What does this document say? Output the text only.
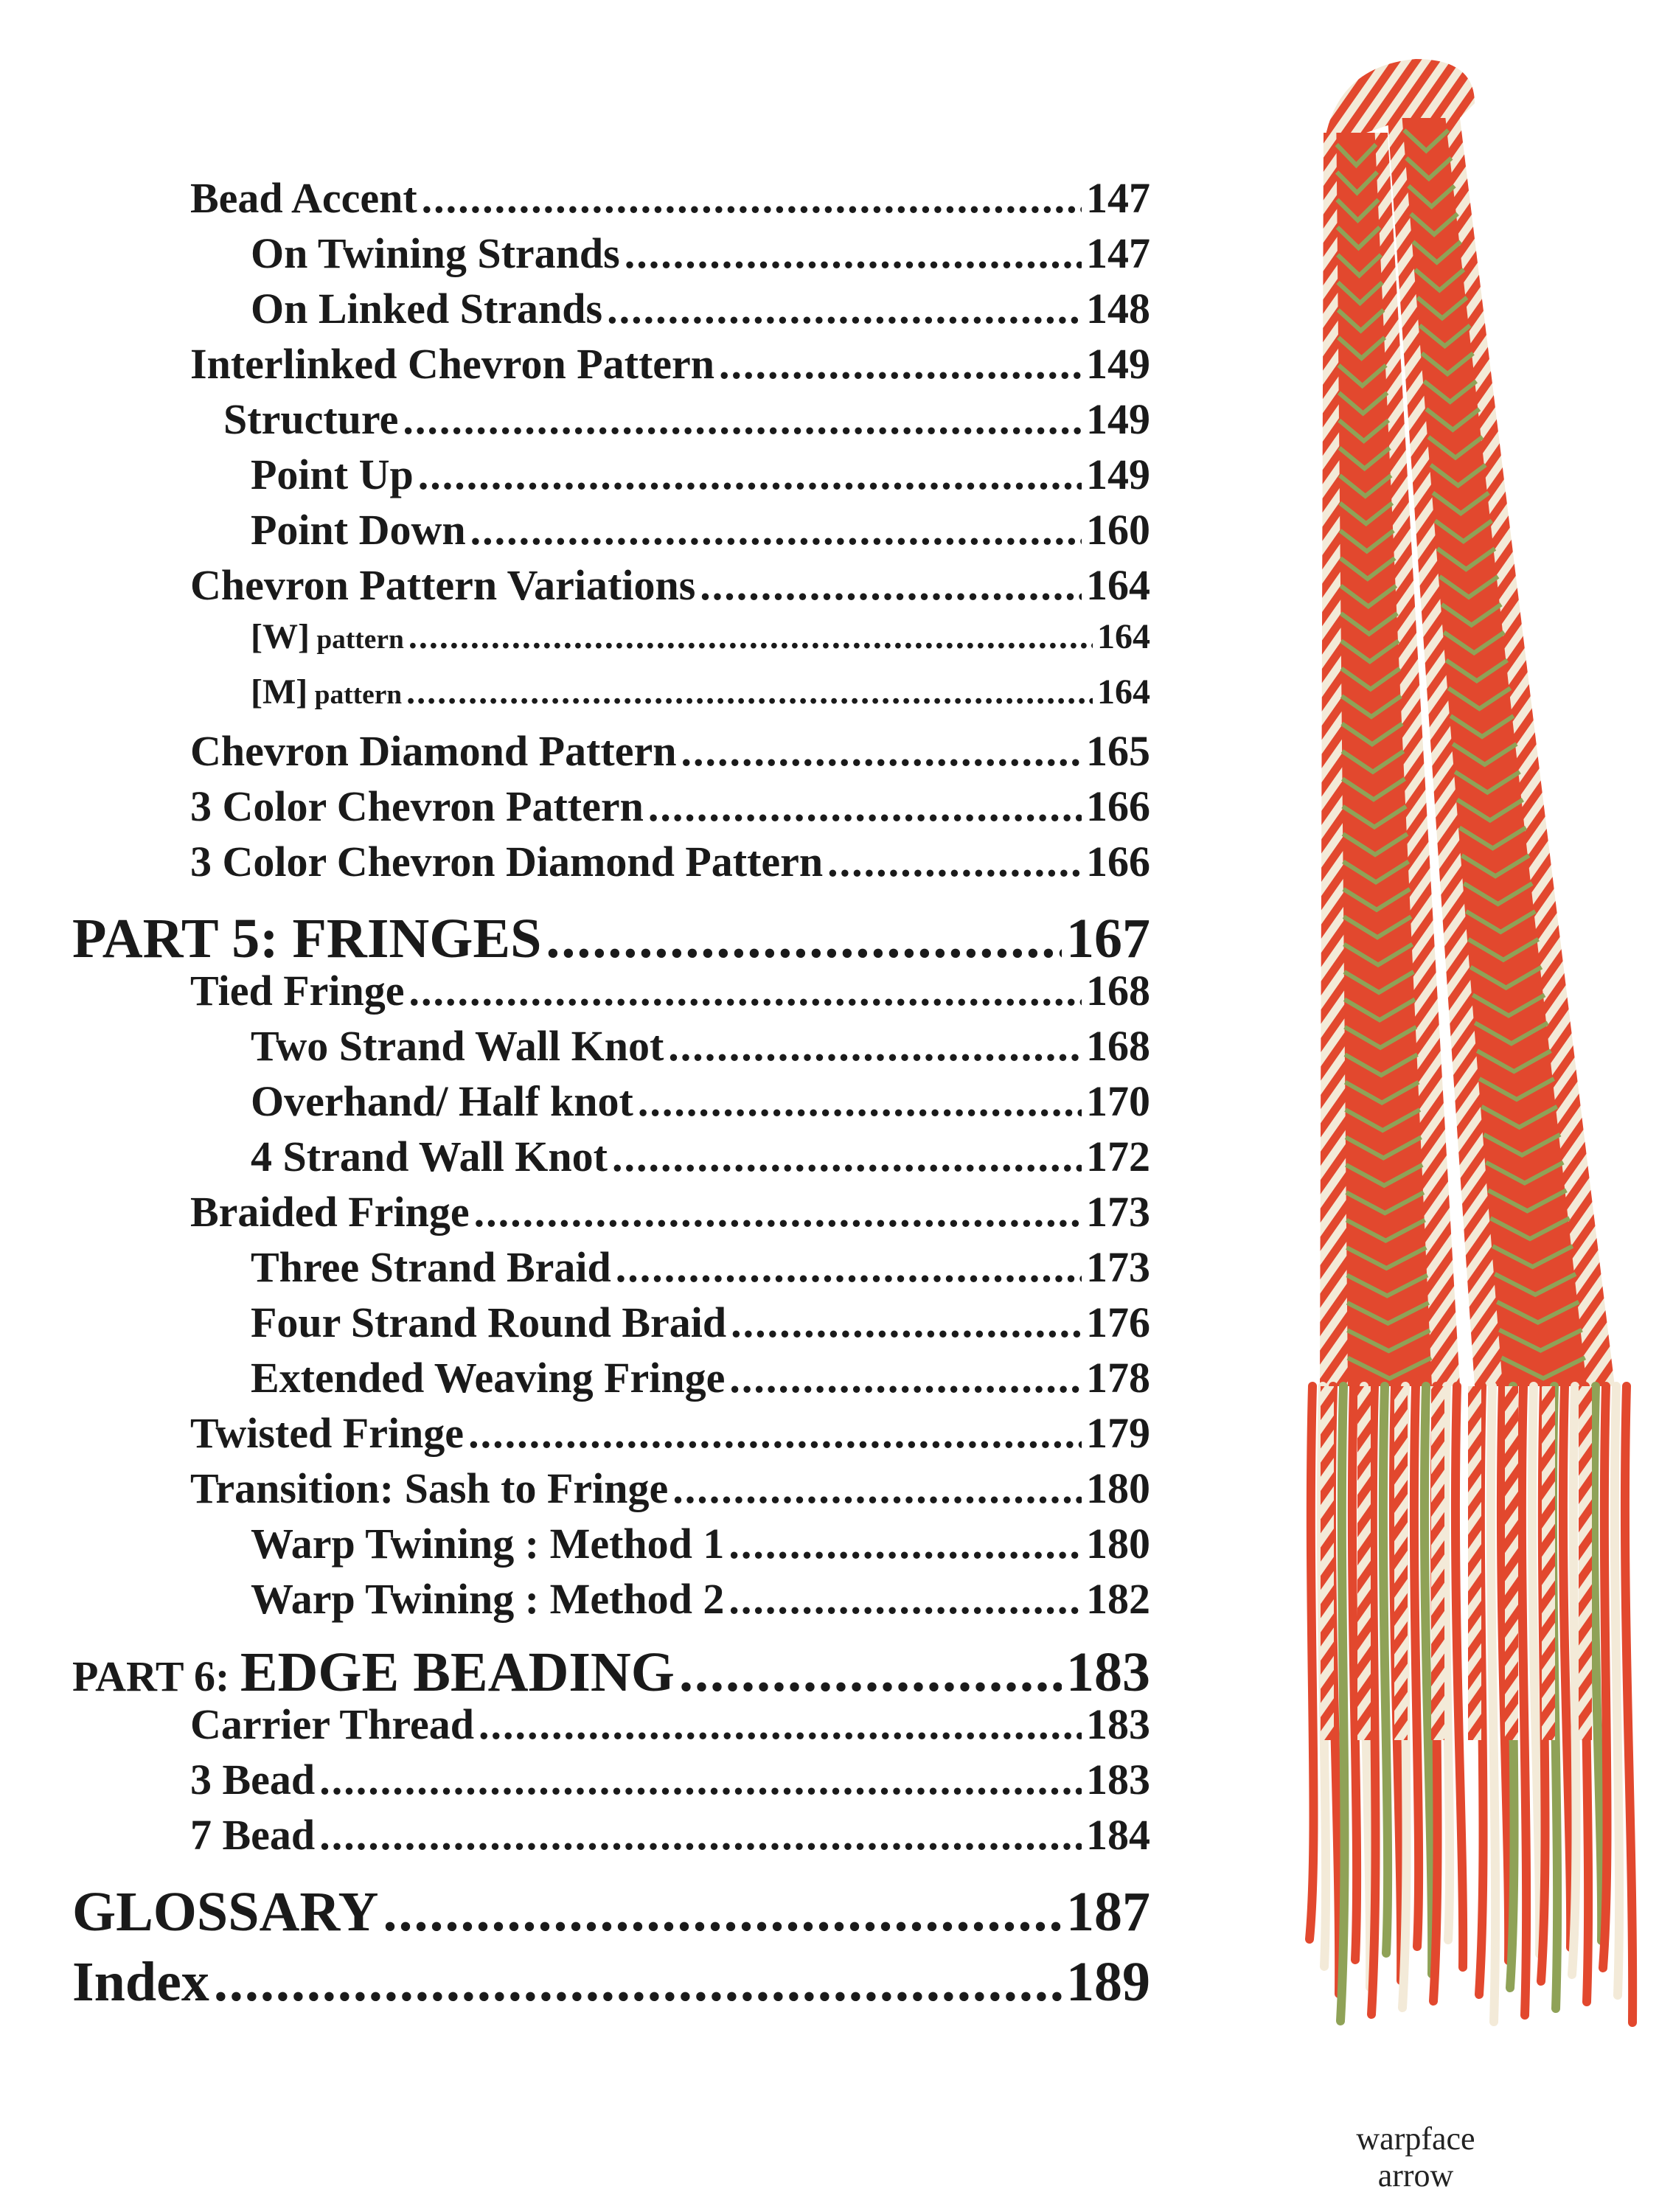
Bead Accent .....	147
On Twining Strands .....	147
On Linked Strands .....	148
Interlinked Chevron Pattern .....	149
Structure .....	149
Point Up .....	149
Point Down .....	160
Chevron Pattern Variations .....	164
[W] pattern .....	164
[M] pattern .....	164
Chevron Diamond Pattern .....	165
3 Color Chevron Pattern .....	166
3 Color Chevron Diamond Pattern .....	166
PART 5: FRINGES .....	167
Tied Fringe .....	168
Two Strand Wall Knot .....	168
Overhand/ Half knot .....	170
4 Strand Wall Knot .....	172
Braided Fringe .....	173
Three Strand Braid .....	173
Four Strand Round Braid .....	176
Extended Weaving Fringe .....	178
Twisted Fringe .....	179
Transition: Sash to Fringe .....	180
Warp Twining : Method 1 .....	180
Warp Twining : Method 2 .....	182
PART 6: EDGE BEADING .....	183
Carrier Thread .....	183
3 Bead .....	183
7 Bead .....	184
GLOSSARY .....	187
Index .....	189
warpface
arrow
